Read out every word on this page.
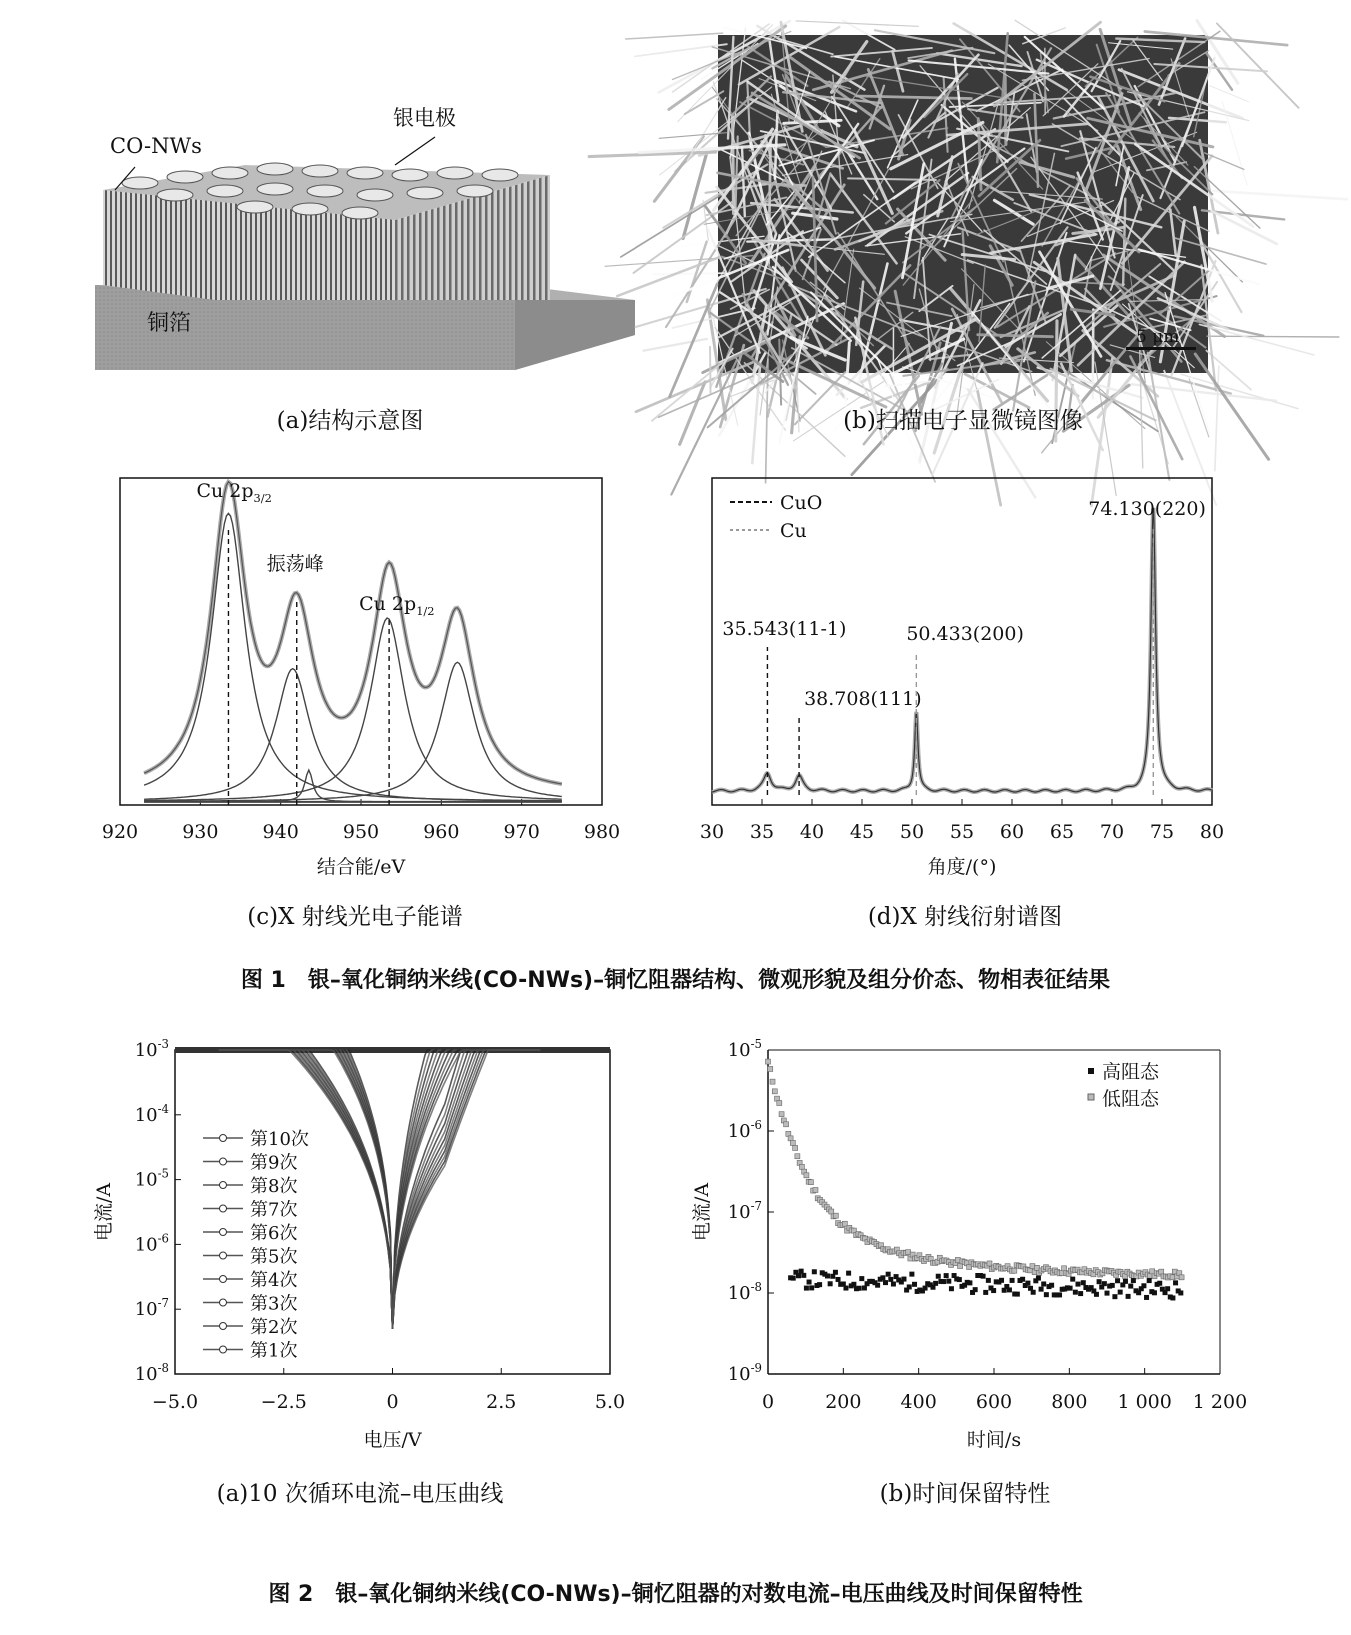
CO-NWs
银电极
铜箔
(a)结构示意图
5 μm
(b)扫描电子显微镜图像
920 930 940 950 960 970 980
结合能/eV
Cu $2p_{3/2}$
振荡峰
Cu $2p_{1/2}$
(c)X 射线光电子能谱
30 35 40 45 50 55 60 65 70 75 80
角度/(°)
35.543(11-1)
38.708(111)
50.433(200)
74.130(220)
CuO
Cu
(d)X 射线衍射谱图
图 1　银–氧化铜纳米线(CO-NWs)–铜忆阻器结构、微观形貌及组分价态、物相表征结果
−5.0	−2.5	0	2.5	5.0
$10^{-3}$
$10^{-4}$
$10^{-5}$
$10^{-6}$
$10^{-7}$
$10^{-8}$
电压/V
电流/A
第10次
第9次
第8次
第7次
第6次
第5次
第4次
第3次
第2次
第1次
(a)10 次循环电流–电压曲线
0	200 400 600 800 1 000 1 200
$10^{-5}$
$10^{-6}$
$10^{-7}$
$10^{-8}$
$10^{-9}$
时间/s
电流/A
高阻态
低阻态
(b)时间保留特性
图 2　银–氧化铜纳米线(CO-NWs)–铜忆阻器的对数电流–电压曲线及时间保留特性
